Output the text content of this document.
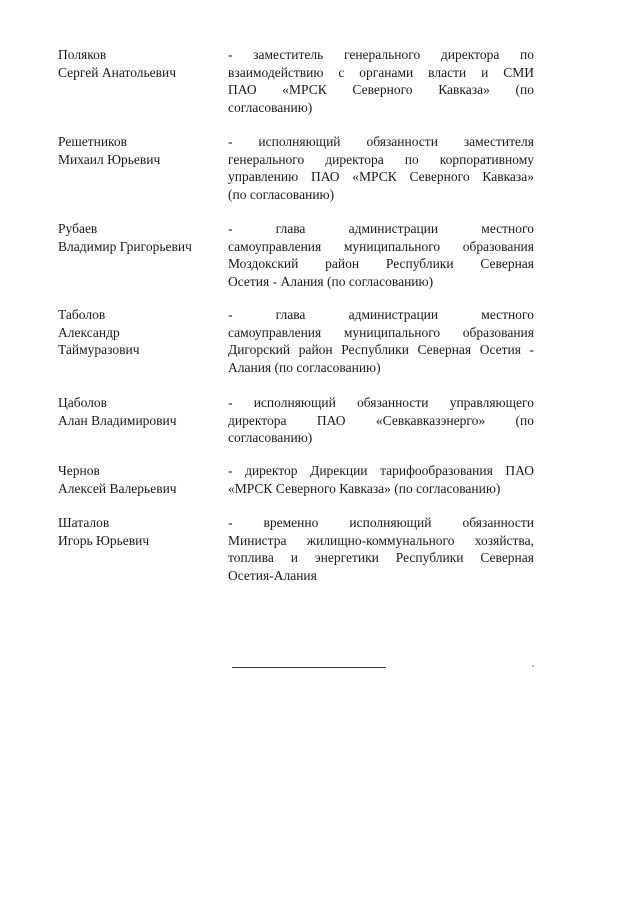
Поляков
Сергей Анатольевич
- заместитель генерального директора по
взаимодействию с органами власти и СМИ
ПАО «МРСК Северного Кавказа» (по
согласованию)
Решетников
Михаил Юрьевич
- исполняющий обязанности заместителя
генерального директора по корпоративному
управлению ПАО «МРСК Северного Кавказа»
(по согласованию)
Рубаев
Владимир Григорьевич
- глава администрации местного
самоуправления муниципального образования
Моздокский район Республики Северная
Осетия - Алания (по согласованию)
Таболов
Александр
Таймуразович
- глава администрации местного
самоуправления муниципального образования
Дигорский район Республики Северная Осетия -
Алания (по согласованию)
Цаболов
Алан Владимирович
- исполняющий обязанности управляющего
директора ПАО «Севкавказэнерго» (по
согласованию)
Чернов
Алексей Валерьевич
- директор Дирекции тарифообразования ПАО
«МРСК Северного Кавказа» (по согласованию)
Шаталов
Игорь Юрьевич
- временно исполняющий обязанности
Министра жилищно-коммунального хозяйства,
топлива и энергетики Республики Северная
Осетия-Алания
